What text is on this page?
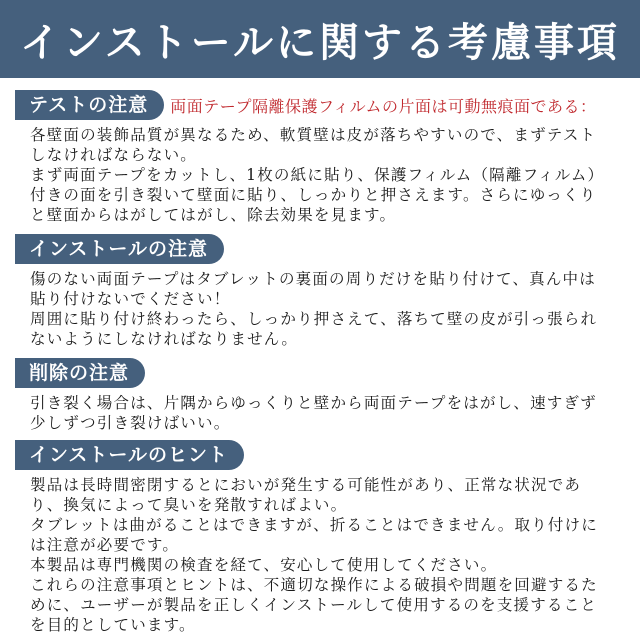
インストールに関する考慮事項
テストの注意	両面テープ隔離保護フィルムの片面は可動無痕面である：
各壁面の装飾品質が異なるため、軟質壁は皮が落ちやすいので、まずテスト
しなければならない。
まず両面テープをカットし、1枚の紙に貼り、保護フィルム（隔離フィルム）
付きの面を引き裂いて壁面に貼り、しっかりと押さえます。さらにゆっくり
と壁面からはがしてはがし、除去効果を見ます。
インストールの注意
傷のない両面テープはタブレットの裏面の周りだけを貼り付けて、真ん中は
貼り付けないでください！
周囲に貼り付け終わったら、しっかり押さえて、落ちて壁の皮が引っ張られ
ないようにしなければなりません。
削除の注意
引き裂く場合は、片隅からゆっくりと壁から両面テープをはがし、速すぎず
少しずつ引き裂けばいい。
インストールのヒント
製品は長時間密閉するとにおいが発生する可能性があり、正常な状況であ
り、換気によって臭いを発散すればよい。
タブレットは曲がることはできますが、折ることはできません。取り付けに
は注意が必要です。
本製品は専門機関の検査を経て、安心して使用してください。
これらの注意事項とヒントは、不適切な操作による破損や問題を回避するた
めに、ユーザーが製品を正しくインストールして使用するのを支援すること
を目的としています。
